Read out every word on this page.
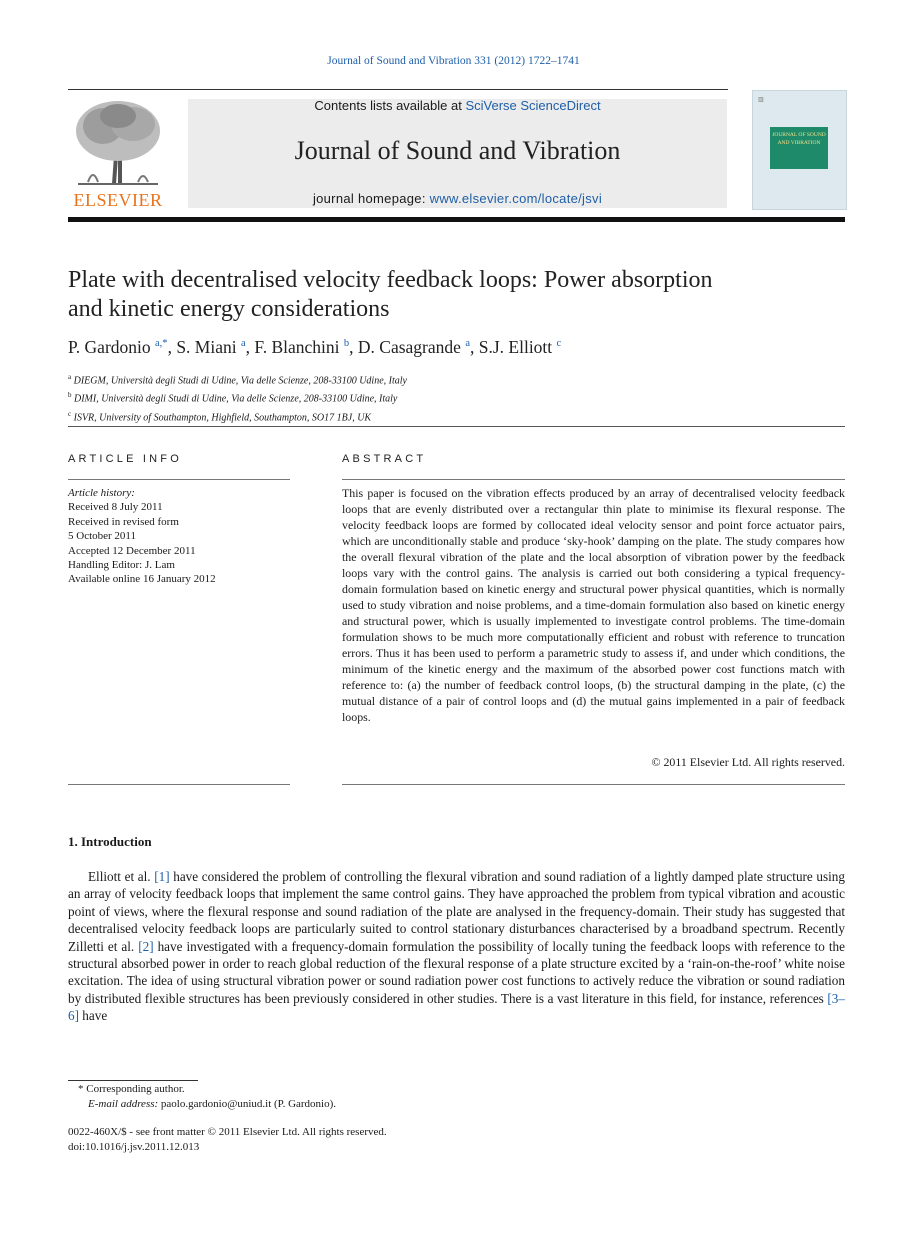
Journal of Sound and Vibration 331 (2012) 1722–1741
ELSEVIER
Contents lists available at SciVerse ScienceDirect
Journal of Sound and Vibration
journal homepage: www.elsevier.com/locate/jsvi
▥
JOURNAL OF SOUND AND VIBRATION
Plate with decentralised velocity feedback loops: Power absorption
and kinetic energy considerations
P. Gardonio $^{a,*}$, S. Miani $^a$, F. Blanchini $^b$, D. Casagrande $^a$, S.J. Elliott $^c$
$^a$ DIEGM, Università degli Studi di Udine, Via delle Scienze, 208-33100 Udine, Italy
$^b$ DIMI, Università degli Studi di Udine, Via delle Scienze, 208-33100 Udine, Italy
$^c$ ISVR, University of Southampton, Highfield, Southampton, SO17 1BJ, UK
ARTICLE INFO	ABSTRACT
Article history:
Received 8 July 2011
Received in revised form
5 October 2011
Accepted 12 December 2011
Handling Editor: J. Lam
Available online 16 January 2012
This paper is focused on the vibration effects produced by an array of decentralised velocity feedback loops that are evenly distributed over a rectangular thin plate to minimise its flexural response. The velocity feedback loops are formed by collocated ideal velocity sensor and point force actuator pairs, which are unconditionally stable and produce ‘sky-hook’ damping on the plate. The study compares how the overall flexural vibration of the plate and the local absorption of vibration power by the feedback loops vary with the control gains. The analysis is carried out both considering a typical frequency-domain formulation based on kinetic energy and structural power physical quantities, which is normally used to study vibration and noise problems, and a time-domain formulation also based on kinetic energy and structural power, which is usually implemented to investigate control problems. The time-domain formulation shows to be much more computationally efficient and robust with reference to truncation errors. Thus it has been used to perform a parametric study to assess if, and under which conditions, the minimum of the kinetic energy and the maximum of the absorbed power cost functions match with reference to: (a) the number of feedback control loops, (b) the structural damping in the plate, (c) the mutual distance of a pair of control loops and (d) the mutual gains implemented in a pair of feedback loops.
© 2011 Elsevier Ltd. All rights reserved.
1. Introduction
Elliott et al. [1] have considered the problem of controlling the flexural vibration and sound radiation of a lightly damped plate structure using an array of velocity feedback loops that implement the same control gains. They have approached the problem from typical vibration and acoustic point of views, where the flexural response and sound radiation of the plate are analysed in the frequency-domain. Their study has suggested that decentralised velocity feedback loops are particularly suited to control stationary disturbances characterised by a broadband spectrum. Recently Zilletti et al. [2] have investigated with a frequency-domain formulation the possibility of locally tuning the feedback loops with reference to the structural absorbed power in order to reach global reduction of the flexural response of a plate structure excited by a ‘rain-on-the-roof’ white noise excitation. The idea of using structural vibration power or sound radiation power cost functions to actively reduce the vibration or sound radiation by distributed flexible structures has been previously considered in other studies. There is a vast literature in this field, for instance, references [3–6] have
* Corresponding author.
E-mail address: paolo.gardonio@uniud.it (P. Gardonio).
0022-460X/$ - see front matter © 2011 Elsevier Ltd. All rights reserved.
doi:10.1016/j.jsv.2011.12.013
